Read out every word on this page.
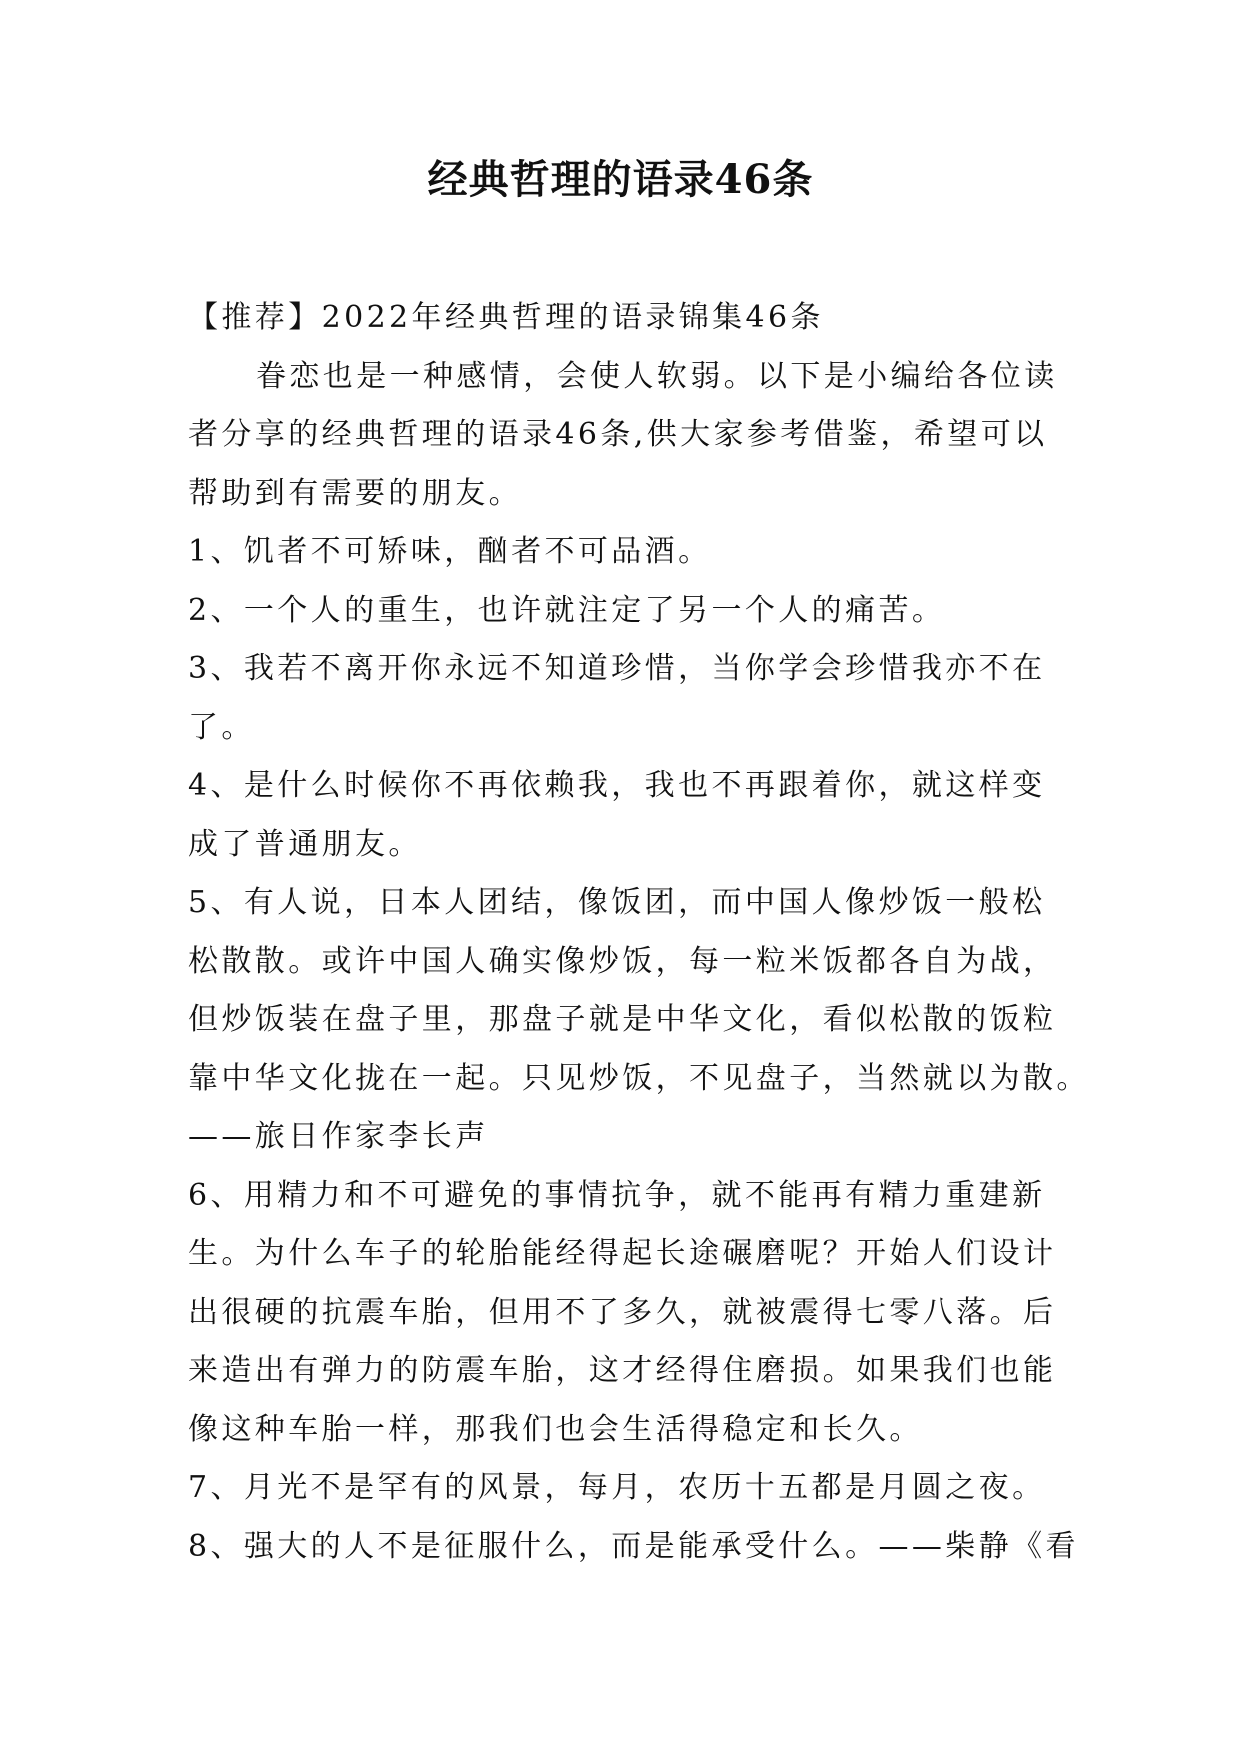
经典哲理的语录46条
【推荐】2022年经典哲理的语录锦集46条
眷恋也是一种感情，会使人软弱。以下是小编给各位读
者分享的经典哲理的语录46条,供大家参考借鉴，希望可以
帮助到有需要的朋友。
1、饥者不可矫味，酗者不可品酒。
2、一个人的重生，也许就注定了另一个人的痛苦。
3、我若不离开你永远不知道珍惜，当你学会珍惜我亦不在
了。
4、是什么时候你不再依赖我，我也不再跟着你，就这样变
成了普通朋友。
5、有人说，日本人团结，像饭团，而中国人像炒饭一般松
松散散。或许中国人确实像炒饭，每一粒米饭都各自为战，
但炒饭装在盘子里，那盘子就是中华文化，看似松散的饭粒
靠中华文化拢在一起。只见炒饭，不见盘子，当然就以为散。
——旅日作家李长声
6、用精力和不可避免的事情抗争，就不能再有精力重建新
生。为什么车子的轮胎能经得起长途碾磨呢？开始人们设计
出很硬的抗震车胎，但用不了多久，就被震得七零八落。后
来造出有弹力的防震车胎，这才经得住磨损。如果我们也能
像这种车胎一样，那我们也会生活得稳定和长久。
7、月光不是罕有的风景，每月，农历十五都是月圆之夜。
8、强大的人不是征服什么，而是能承受什么。——柴静《看
